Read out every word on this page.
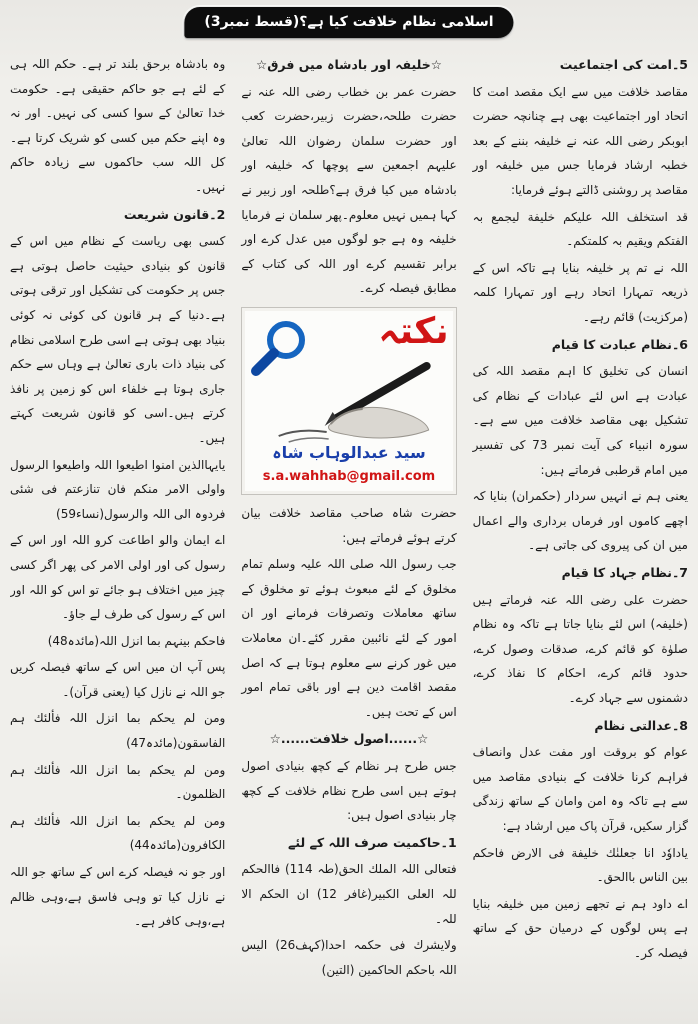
اسلامی نظام خلافت کیا ہے؟(قسط نمبر3)
5۔امت کی اجتماعیت
مقاصد خلافت میں سے ایک مقصد امت کا اتحاد اور اجتماعیت بھی ہے چنانچہ حضرت ابوبکر رضی اللہ عنہ نے خلیفہ بننے کے بعد خطبہ ارشاد فرمایا جس میں خلیفہ اور مقاصد پر روشنی ڈالتے ہوئے فرمایا:
قد استخلف اللہ علیکم خلیفة لیجمع بہ الفتکم ویقیم بہ کلمتکم۔
اللہ نے تم پر خلیفہ بنایا ہے تاکہ اس کے ذریعہ تمہارا اتحاد رہے اور تمہارا کلمہ (مرکزیت) قائم رہے۔
6۔نظام عبادت کا قیام
انسان کی تخلیق کا اہم مقصد اللہ کی عبادت ہے اس لئے عبادات کے نظام کی تشکیل بھی مقاصد خلافت میں سے ہے۔سورہ انبیاء کی آیت نمبر 73 کی تفسیر میں امام قرطبی فرماتے ہیں:
یعنی ہم نے انہیں سردار (حکمران) بنایا کہ اچھے کاموں اور فرماں برداری والے اعمال میں ان کی پیروی کی جاتی ہے۔
7۔نظام جہاد کا قیام
حضرت علی رضی اللہ عنہ فرماتے ہیں (خلیفہ) اس لئے بنایا جاتا ہے تاکہ وہ نظام صلوٰة کو قائم کرے، صدقات وصول کرے، حدود قائم کرے، احکام کا نفاذ کرے، دشمنوں سے جہاد کرے۔
8۔عدالتی نظام
عوام کو بروقت اور مفت عدل وانصاف فراہم کرنا خلافت کے بنیادی مقاصد میں سے ہے تاکہ وہ امن وامان کے ساتھ زندگی گزار سکیں، قرآن پاک میں ارشاد ہے:
یاداوٗد انا جعلنٰك خلیفة فی الارض فاحکم بین الناس باالحق۔
اے داود ہم نے تجھے زمین میں خلیفہ بنایا ہے پس لوگوں کے درمیان حق کے ساتھ فیصلہ کر۔
☆خلیفہ اور بادشاہ میں فرق☆
حضرت عمر بن خطاب رضی اللہ عنہ نے حضرت طلحہ،حضرت زبیر،حضرت کعب اور حضرت سلمان رضوان اللہ تعالیٰ علیہم اجمعین سے پوچھا کہ خلیفہ اور بادشاہ میں کیا فرق ہے؟طلحہ اور زبیر نے کہا ہمیں نہیں معلوم۔پھر سلمان نے فرمایا خلیفہ وہ ہے جو لوگوں میں عدل کرے اور برابر تقسیم کرے اور اللہ کی کتاب کے مطابق فیصلہ کرے۔
نکتہ
سید عبدالوہاب شاہ
s.a.wahhab@gmail.com
حضرت شاہ صاحب مقاصد خلافت بیان کرتے ہوئے فرماتے ہیں:
جب رسول اللہ صلی اللہ علیہ وسلم تمام مخلوق کے لئے مبعوث ہوئے تو مخلوق کے ساتھ معاملات وتصرفات فرمانے اور ان امور کے لئے نائبین مقرر کئے۔ان معاملات میں غور کرنے سے معلوم ہوتا ہے کہ اصل مقصد اقامت دین ہے اور باقی تمام امور اس کے تحت ہیں۔
☆......اصول خلافت......☆
جس طرح ہر نظام کے کچھ بنیادی اصول ہوتے ہیں اسی طرح نظام خلافت کے کچھ چار بنیادی اصول ہیں:
1۔حاکمیت صرف اللہ کے لئے
فتعالی اللہ الملك الحق(طہ 114) فاالحکم للہ العلی الکبیر(غافر 12) ان الحکم الا للہ۔
ولایشرك فی حکمہ احدا(کہف26) الیس اللہ باحکم الحاکمین (التین)
وہ بادشاہ برحق بلند تر ہے۔ حکم اللہ ہی کے لئے ہے جو حاکم حقیقی ہے۔ حکومت خدا تعالیٰ کے سوا کسی کی نہیں۔ اور نہ وہ اپنے حکم میں کسی کو شریک کرتا ہے۔ کل اللہ سب حاکموں سے زیادہ حاکم نہیں۔
2۔قانون شریعت
کسی بھی ریاست کے نظام میں اس کے قانون کو بنیادی حیثیت حاصل ہوتی ہے جس پر حکومت کی تشکیل اور ترقی ہوتی ہے۔دنیا کے ہر قانون کی کوئی نہ کوئی بنیاد بھی ہوتی ہے اسی طرح اسلامی نظام کی بنیاد ذات باری تعالیٰ ہے وہاں سے حکم جاری ہوتا ہے خلفاء اس کو زمین پر نافذ کرتے ہیں۔اسی کو قانون شریعت کہتے ہیں۔
یایہاالذین امنوا اطیعوا اللہ واطیعوا الرسول واولی الامر منکم فان تنازعتم فی شئی فردوہ الی اللہ والرسول(نساء59)
اے ایمان والو اطاعت کرو اللہ اور اس کے رسول کی اور اولی الامر کی پھر اگر کسی چیز میں اختلاف ہو جائے تو اس کو اللہ اور اس کے رسول کی طرف لے جاؤ۔
فاحکم بینہم بما انزل اللہ(مائدہ48)
پس آپ ان میں اس کے ساتھ فیصلہ کریں جو اللہ نے نازل کیا (یعنی قرآن)۔
ومن لم یحکم بما انزل اللہ فألئك ہم الفاسقون(مائدہ47)
ومن لم یحکم بما انزل اللہ فألئك ہم الظلمون۔
ومن لم یحکم بما انزل اللہ فألئك ہم الکافرون(مائدہ44)
اور جو نہ فیصلہ کرے اس کے ساتھ جو اللہ نے نازل کیا تو وہی فاسق ہے،وہی ظالم ہے،وہی کافر ہے۔
